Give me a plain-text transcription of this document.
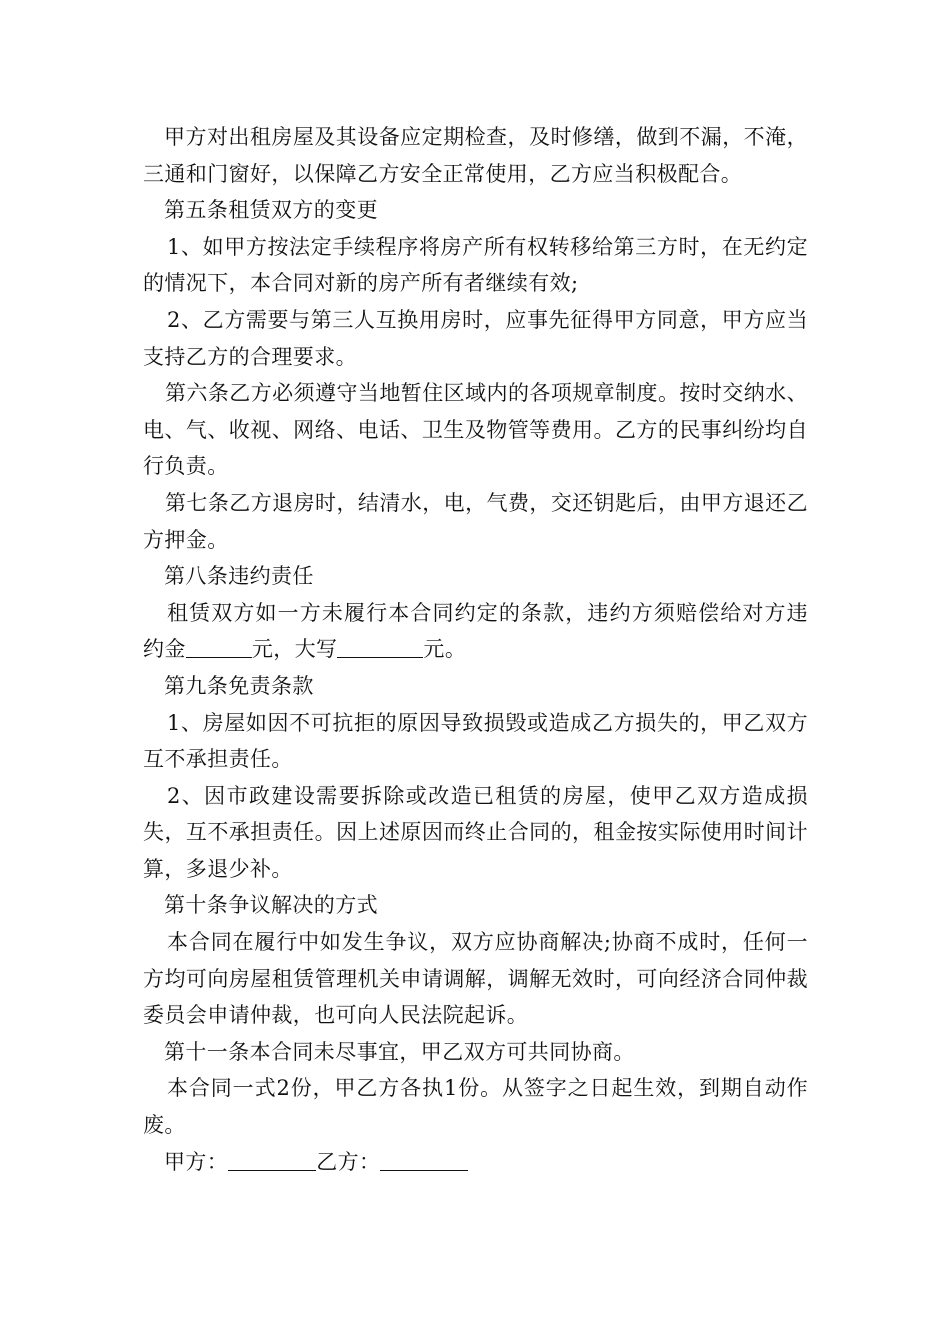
甲方对出租房屋及其设备应定期检查，及时修缮，做到不漏，不淹，三通和门窗好，以保障乙方安全正常使用，乙方应当积极配合。

第五条租赁双方的变更

1、如甲方按法定手续程序将房产所有权转移给第三方时，在无约定的情况下，本合同对新的房产所有者继续有效;

2、乙方需要与第三人互换用房时，应事先征得甲方同意，甲方应当支持乙方的合理要求。

第六条乙方必须遵守当地暂住区域内的各项规章制度。按时交纳水、电、气、收视、网络、电话、卫生及物管等费用。乙方的民事纠纷均自行负责。

第七条乙方退房时，结清水，电，气费，交还钥匙后，由甲方退还乙方押金。

第八条违约责任

租赁双方如一方未履行本合同约定的条款，违约方须赔偿给对方违约金	元，大写	元。

第九条免责条款

1、房屋如因不可抗拒的原因导致损毁或造成乙方损失的，甲乙双方互不承担责任。

2、因市政建设需要拆除或改造已租赁的房屋，使甲乙双方造成损失，互不承担责任。因上述原因而终止合同的，租金按实际使用时间计算，多退少补。

第十条争议解决的方式

本合同在履行中如发生争议，双方应协商解决;协商不成时，任何一方均可向房屋租赁管理机关申请调解，调解无效时，可向经济合同仲裁委员会申请仲裁，也可向人民法院起诉。

第十一条本合同未尽事宜，甲乙双方可共同协商。

本合同一式2份，甲乙方各执1份。从签字之日起生效，到期自动作废。

甲方：	乙方：
